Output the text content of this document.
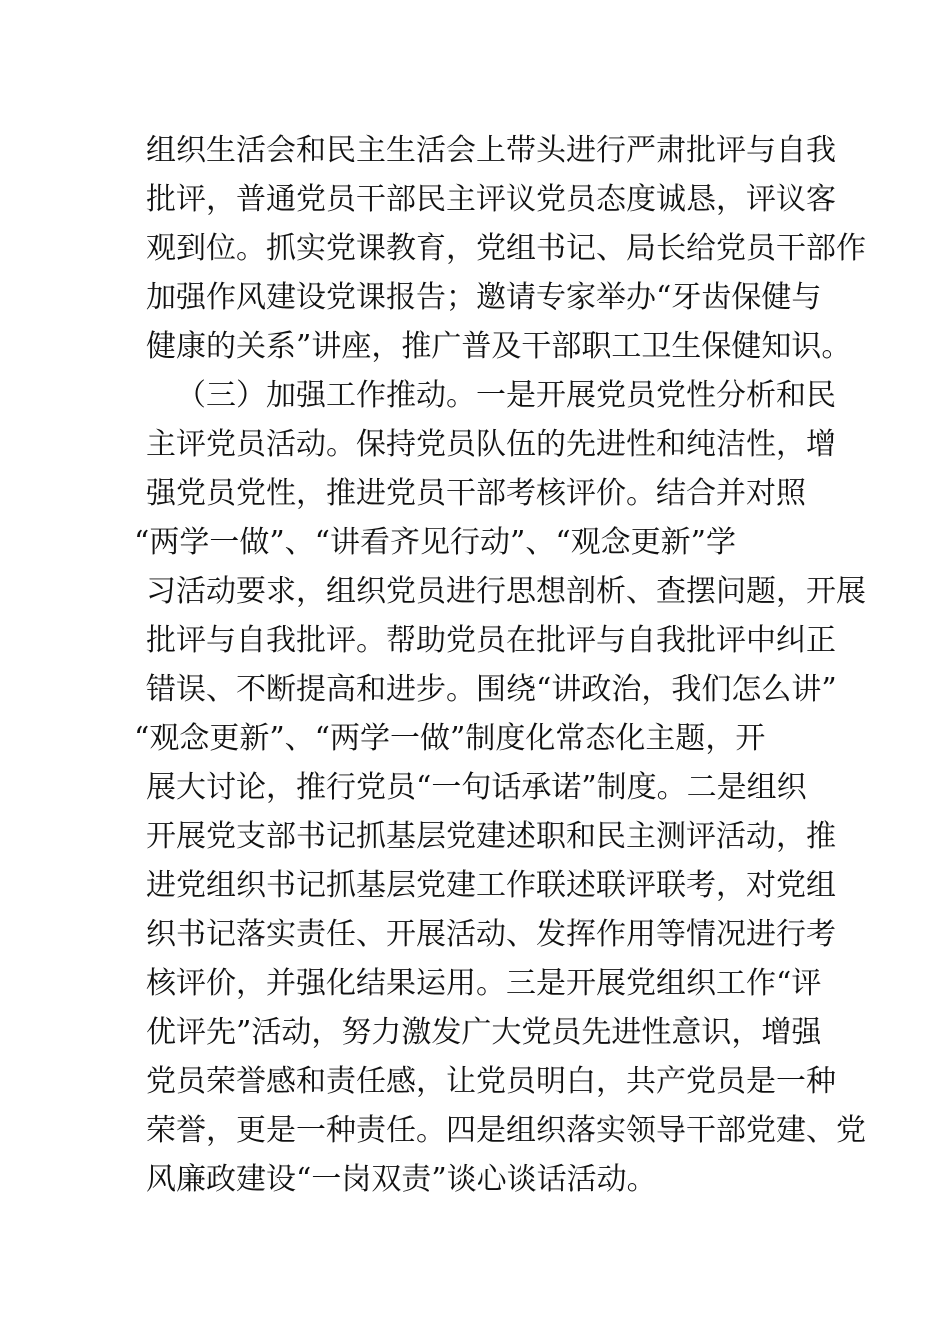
组织生活会和民主生活会上带头进行严肃批评与自我
批评，普通党员干部民主评议党员态度诚恳，评议客
观到位。抓实党课教育，党组书记、局长给党员干部作
加强作风建设党课报告；邀请专家举办“牙齿保健与
健康的关系”讲座，推广普及干部职工卫生保健知识。
（三）加强工作推动。一是开展党员党性分析和民
主评党员活动。保持党员队伍的先进性和纯洁性，增
强党员党性，推进党员干部考核评价。结合并对照
“两学一做”、“讲看齐见行动”、“观念更新”学
习活动要求，组织党员进行思想剖析、查摆问题，开展
批评与自我批评。帮助党员在批评与自我批评中纠正
错误、不断提高和进步。围绕“讲政治，我们怎么讲”
“观念更新”、“两学一做”制度化常态化主题，开
展大讨论，推行党员“一句话承诺”制度。二是组织
开展党支部书记抓基层党建述职和民主测评活动，推
进党组织书记抓基层党建工作联述联评联考，对党组
织书记落实责任、开展活动、发挥作用等情况进行考
核评价，并强化结果运用。三是开展党组织工作“评
优评先”活动，努力激发广大党员先进性意识，增强
党员荣誉感和责任感，让党员明白，共产党员是一种
荣誉，更是一种责任。四是组织落实领导干部党建、党
风廉政建设“一岗双责”谈心谈话活动。
